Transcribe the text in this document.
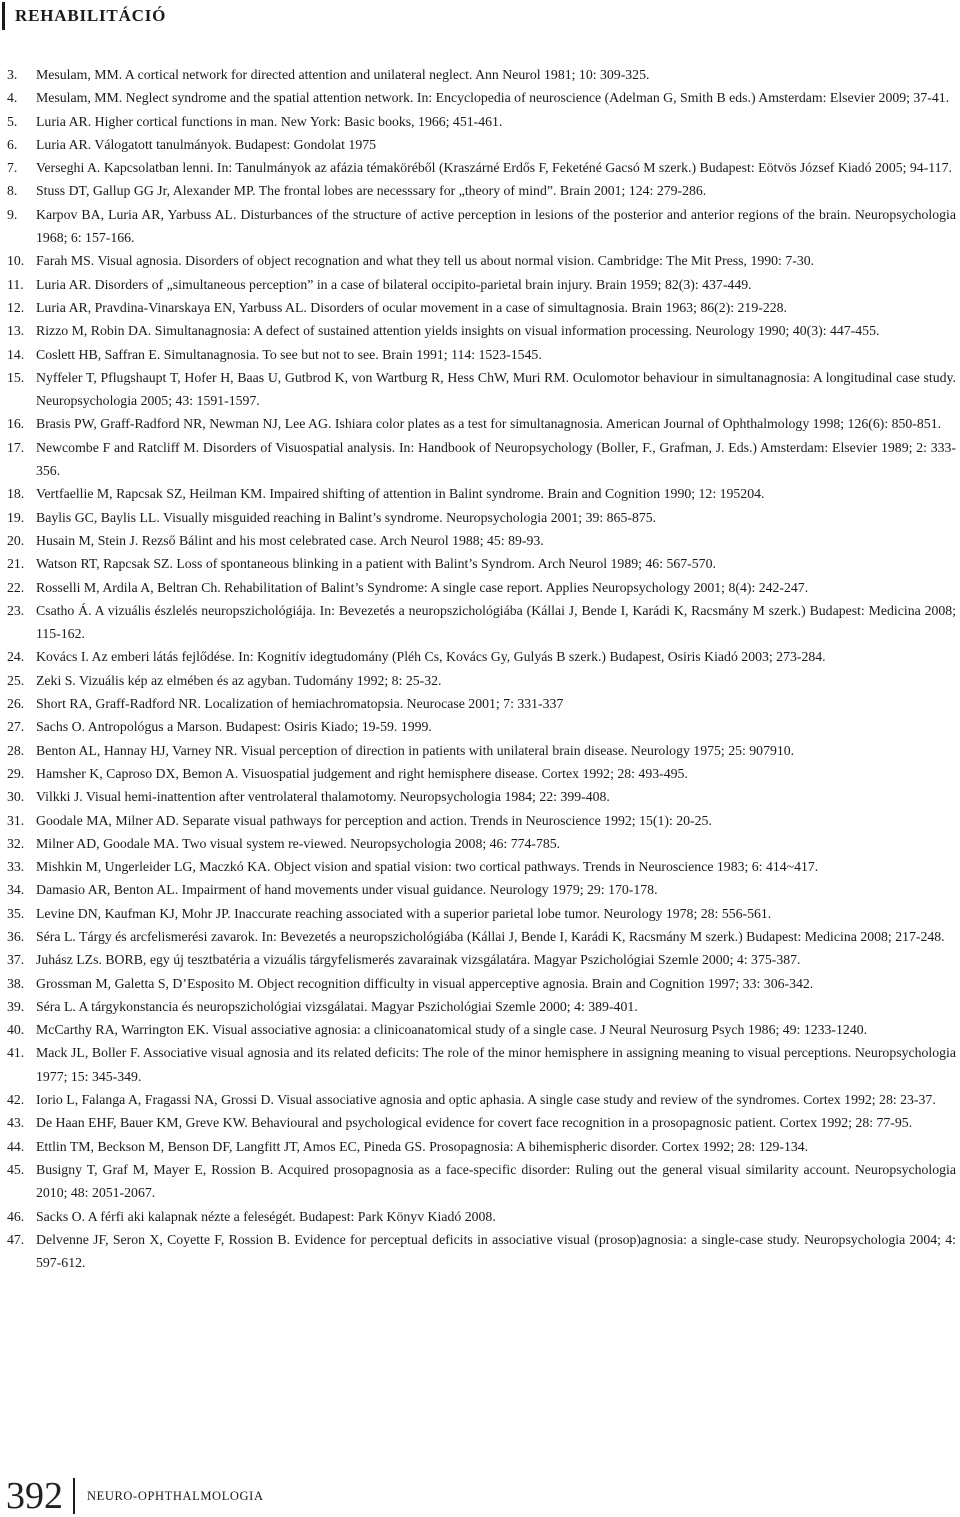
REHABILITÁCIÓ
3. Mesulam, MM. A cortical network for directed attention and unilateral neglect. Ann Neurol 1981; 10: 309-325.
4. Mesulam, MM. Neglect syndrome and the spatial attention network. In: Encyclopedia of neuroscience (Adelman G, Smith B eds.) Amsterdam: Elsevier 2009; 37-41.
5. Luria AR. Higher cortical functions in man. New York: Basic books, 1966; 451-461.
6. Luria AR. Válogatott tanulmányok. Budapest: Gondolat 1975
7. Verseghi A. Kapcsolatban lenni. In: Tanulmányok az afázia témaköréből (Kraszárné Erdős F, Feketéné Gacsó M szerk.) Budapest: Eötvös József Kiadó 2005; 94-117.
8. Stuss DT, Gallup GG Jr, Alexander MP. The frontal lobes are necesssary for „theory of mind”. Brain 2001; 124: 279-286.
9. Karpov BA, Luria AR, Yarbuss AL. Disturbances of the structure of active perception in lesions of the posterior and anterior regions of the brain. Neuropsychologia 1968; 6: 157-166.
10. Farah MS. Visual agnosia. Disorders of object recognation and what they tell us about normal vision. Cambridge: The Mit Press, 1990: 7-30.
11. Luria AR. Disorders of „simultaneous perception” in a case of bilateral occipito-parietal brain injury. Brain 1959; 82(3): 437-449.
12. Luria AR, Pravdina-Vinarskaya EN, Yarbuss AL. Disorders of ocular movement in a case of simultagnosia. Brain 1963; 86(2): 219-228.
13. Rizzo M, Robin DA. Simultanagnosia: A defect of sustained attention yields insights on visual information processing. Neurology 1990; 40(3): 447-455.
14. Coslett HB, Saffran E. Simultanagnosia. To see but not to see. Brain 1991; 114: 1523-1545.
15. Nyffeler T, Pflugshaupt T, Hofer H, Baas U, Gutbrod K, von Wartburg R, Hess ChW, Muri RM. Oculomotor behaviour in simultanagnosia: A longitudinal case study. Neuropsychologia 2005; 43: 1591-1597.
16. Brasis PW, Graff-Radford NR, Newman NJ, Lee AG. Ishiara color plates as a test for simultanagnosia. American Journal of Ophthalmology 1998; 126(6): 850-851.
17. Newcombe F and Ratcliff M. Disorders of Visuospatial analysis. In: Handbook of Neuropsychology (Boller, F., Grafman, J. Eds.) Amsterdam: Elsevier 1989; 2: 333-356.
18. Vertfaellie M, Rapcsak SZ, Heilman KM. Impaired shifting of attention in Balint syndrome. Brain and Cognition 1990; 12: 195204.
19. Baylis GC, Baylis LL. Visually misguided reaching in Balint’s syndrome. Neuropsychologia 2001; 39: 865-875.
20. Husain M, Stein J. Rezső Bálint and his most celebrated case. Arch Neurol 1988; 45: 89-93.
21. Watson RT, Rapcsak SZ. Loss of spontaneous blinking in a patient with Balint’s Syndrom. Arch Neurol 1989; 46: 567-570.
22. Rosselli M, Ardila A, Beltran Ch. Rehabilitation of Balint’s Syndrome: A single case report. Applies Neuropsychology 2001; 8(4): 242-247.
23. Csatho Á. A vizuális észlelés neuropszichológiája. In: Bevezetés a neuropszichológiába (Kállai J, Bende I, Karádi K, Racsmány M szerk.) Budapest: Medicina 2008; 115-162.
24. Kovács I. Az emberi látás fejlődése. In: Kognitív idegtudomány (Pléh Cs, Kovács Gy, Gulyás B szerk.) Budapest, Osiris Kiadó 2003; 273-284.
25. Zeki S. Vizuális kép az elmében és az agyban. Tudomány 1992; 8: 25-32.
26. Short RA, Graff-Radford NR. Localization of hemiachromatopsia. Neurocase 2001; 7: 331-337
27. Sachs O. Antropológus a Marson. Budapest: Osiris Kiado; 19-59. 1999.
28. Benton AL, Hannay HJ, Varney NR. Visual perception of direction in patients with unilateral brain disease. Neurology 1975; 25: 907910.
29. Hamsher K, Caproso DX, Bemon A. Visuospatial judgement and right hemisphere disease. Cortex 1992; 28: 493-495.
30. Vilkki J. Visual hemi-inattention after ventrolateral thalamotomy. Neuropsychologia 1984; 22: 399-408.
31. Goodale MA, Milner AD. Separate visual pathways for perception and action. Trends in Neuroscience 1992; 15(1): 20-25.
32. Milner AD, Goodale MA. Two visual system re-viewed. Neuropsychologia 2008; 46: 774-785.
33. Mishkin M, Ungerleider LG, Maczkó KA. Object vision and spatial vision: two cortical pathways. Trends in Neuroscience 1983; 6: 414~417.
34. Damasio AR, Benton AL. Impairment of hand movements under visual guidance. Neurology 1979; 29: 170-178.
35. Levine DN, Kaufman KJ, Mohr JP. Inaccurate reaching associated with a superior parietal lobe tumor. Neurology 1978; 28: 556-561.
36. Séra L. Tárgy és arcfelismerési zavarok. In: Bevezetés a neuropszichológiába (Kállai J, Bende I, Karádi K, Racsmány M szerk.) Budapest: Medicina 2008; 217-248.
37. Juhász LZs. BORB, egy új tesztbatéria a vizuális tárgyfelismerés zavarainak vizsgálatára. Magyar Pszichológiai Szemle 2000; 4: 375-387.
38. Grossman M, Galetta S, D’Esposito M. Object recognition difficulty in visual apperceptive agnosia. Brain and Cognition 1997; 33: 306-342.
39. Séra L. A tárgykonstancia és neuropszichológiai vizsgálatai. Magyar Pszichológiai Szemle 2000; 4: 389-401.
40. McCarthy RA, Warrington EK. Visual associative agnosia: a clinicoanatomical study of a single case. J Neural Neurosurg Psych 1986; 49: 1233-1240.
41. Mack JL, Boller F. Associative visual agnosia and its related deficits: The role of the minor hemisphere in assigning meaning to visual perceptions. Neuropsychologia 1977; 15: 345-349.
42. Iorio L, Falanga A, Fragassi NA, Grossi D. Visual associative agnosia and optic aphasia. A single case study and review of the syndromes. Cortex 1992; 28: 23-37.
43. De Haan EHF, Bauer KM, Greve KW. Behavioural and psychological evidence for covert face recognition in a prosopagnosic patient. Cortex 1992; 28: 77-95.
44. Ettlin TM, Beckson M, Benson DF, Langfitt JT, Amos EC, Pineda GS. Prosopagnosia: A bihemispheric disorder. Cortex 1992; 28: 129-134.
45. Busigny T, Graf M, Mayer E, Rossion B. Acquired prosopagnosia as a face-specific disorder: Ruling out the general visual similarity account. Neuropsychologia 2010; 48: 2051-2067.
46. Sacks O. A férfi aki kalapnak nézte a feleségét. Budapest: Park Könyv Kiadó 2008.
47. Delvenne JF, Seron X, Coyette F, Rossion B. Evidence for perceptual deficits in associative visual (prosop)agnosia: a single-case study. Neuropsychologia 2004; 4: 597-612.
392 NEURO-OPHTHALMOLOGIA
